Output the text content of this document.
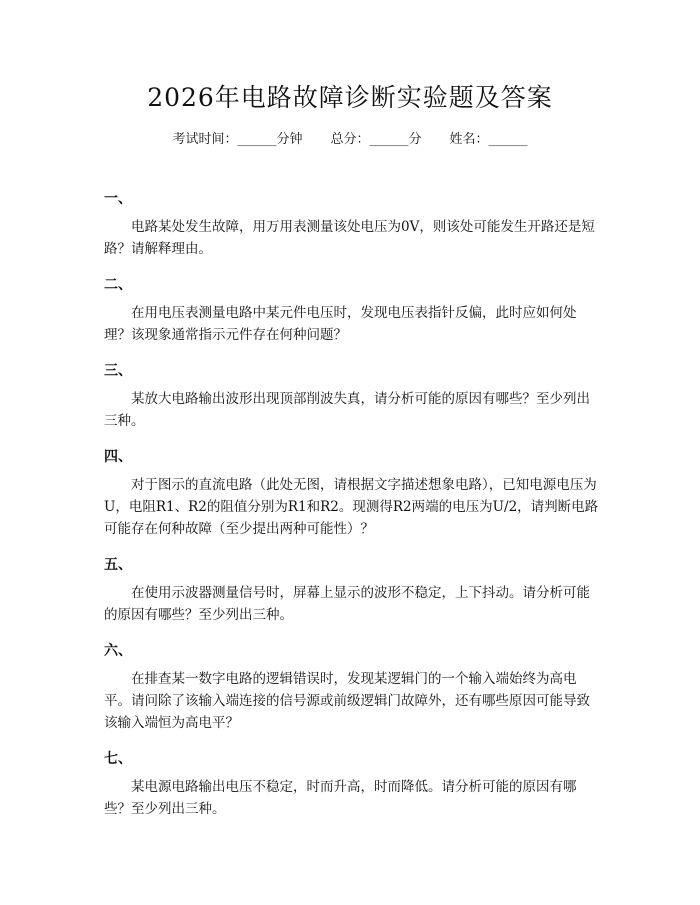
2026年电路故障诊断实验题及答案
考试时间：______分钟 总分：______分 姓名：______
一、

电路某处发生故障，用万用表测量该处电压为0V，则该处可能发生开路还是短路？请解释理由。

二、

在用电压表测量电路中某元件电压时，发现电压表指针反偏，此时应如何处理？该现象通常指示元件存在何种问题？

三、

某放大电路输出波形出现顶部削波失真，请分析可能的原因有哪些？至少列出三种。

四、

对于图示的直流电路（此处无图，请根据文字描述想象电路），已知电源电压为U，电阻R1、R2的阻值分别为R1和R2。现测得R2两端的电压为U/2，请判断电路可能存在何种故障（至少提出两种可能性）？

五、

在使用示波器测量信号时，屏幕上显示的波形不稳定，上下抖动。请分析可能的原因有哪些？至少列出三种。

六、

在排查某一数字电路的逻辑错误时，发现某逻辑门的一个输入端始终为高电平。请问除了该输入端连接的信号源或前级逻辑门故障外，还有哪些原因可能导致该输入端恒为高电平？

七、

某电源电路输出电压不稳定，时而升高，时而降低。请分析可能的原因有哪些？至少列出三种。
